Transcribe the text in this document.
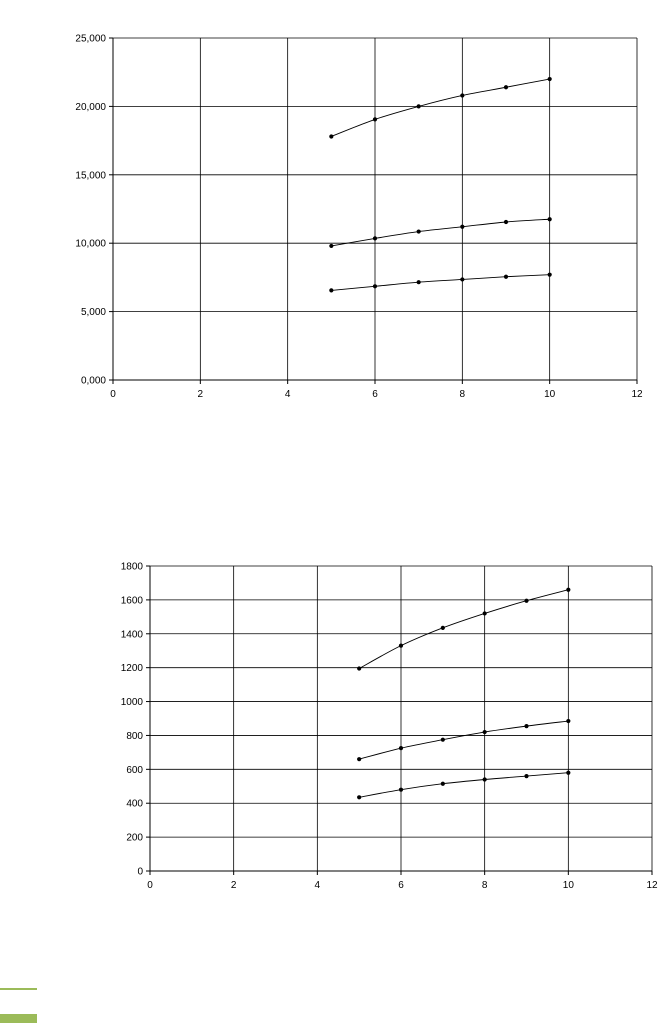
0,000
5,000
10,000
15,000
20,000
25,000
0	2	4	6	8	10	12
0
200
400
600
800
1000
1200
1400
1600
1800
0	2	4	6	8	10	12
